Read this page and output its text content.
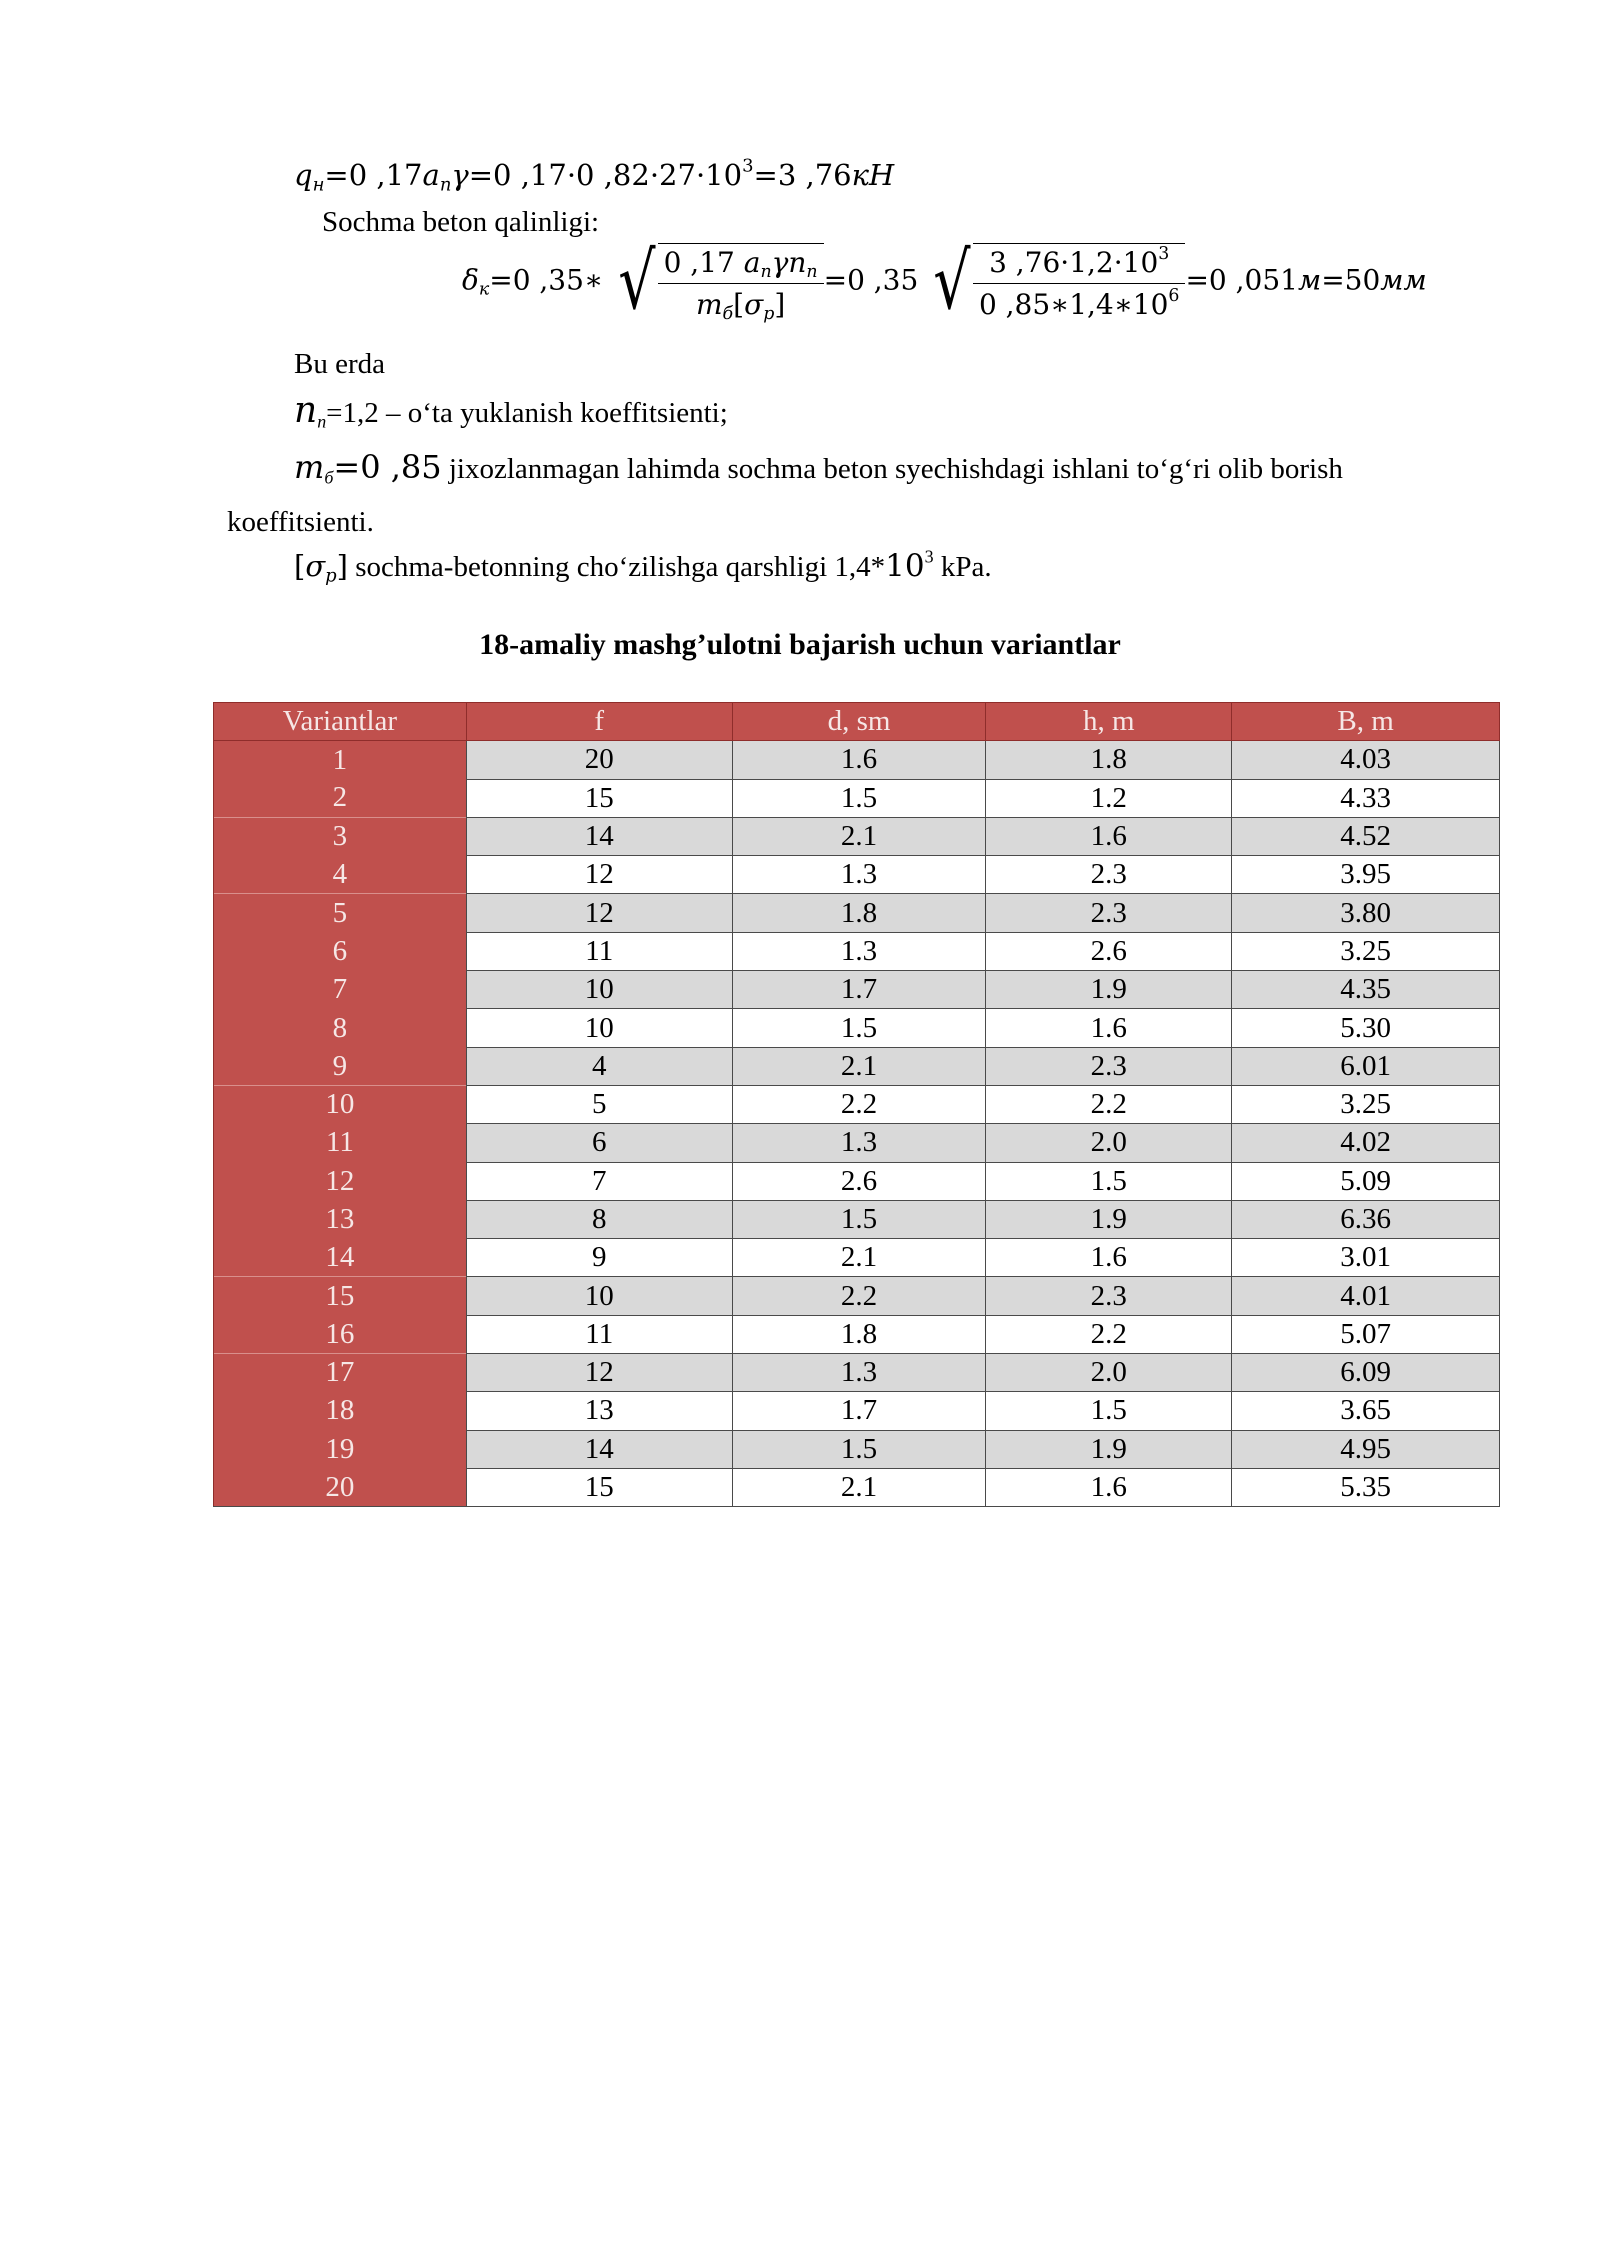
$q_н=0$ $,17a_п\gamma=0$ ,17·0 $,82\cdot 27\cdot 10^3=3$ ,76кН
Sochma beton qalinligi:
$\delta_к=0$ ,35∗ √ $\frac{0 ,17 a_п\gamma n_п}{m_б[\sigma_р]} =0$ ,35 √ $\frac{3 ,76\cdot 1,2\cdot 10^3}{0 ,85∗1,4∗10^6} =0$ ,051м=50мм
Bu erda
$n_п=1,2$ – o‘ta yuklanish koeffitsienti;
$m_б=0$ ,85 jixozlanmagan lahimda sochma beton syechishdagi ishlani to‘g‘ri olib borish
koeffitsienti.
$[\sigma_р]$ sochma-betonning cho‘zilishga qarshligi $1,4*10^3$ kPa.
18-amaliy mashg’ulotni bajarish uchun variantlar
Variantlar	f	d, sm	h, m	B, m
1	20	1.6	1.8	4.03
2	15	1.5	1.2	4.33
3	14	2.1	1.6	4.52
4	12	1.3	2.3	3.95
5	12	1.8	2.3	3.80
6	11	1.3	2.6	3.25
7	10	1.7	1.9	4.35
8	10	1.5	1.6	5.30
9	4	2.1	2.3	6.01
10	5	2.2	2.2	3.25
11	6	1.3	2.0	4.02
12	7	2.6	1.5	5.09
13	8	1.5	1.9	6.36
14	9	2.1	1.6	3.01
15	10	2.2	2.3	4.01
16	11	1.8	2.2	5.07
17	12	1.3	2.0	6.09
18	13	1.7	1.5	3.65
19	14	1.5	1.9	4.95
20	15	2.1	1.6	5.35
